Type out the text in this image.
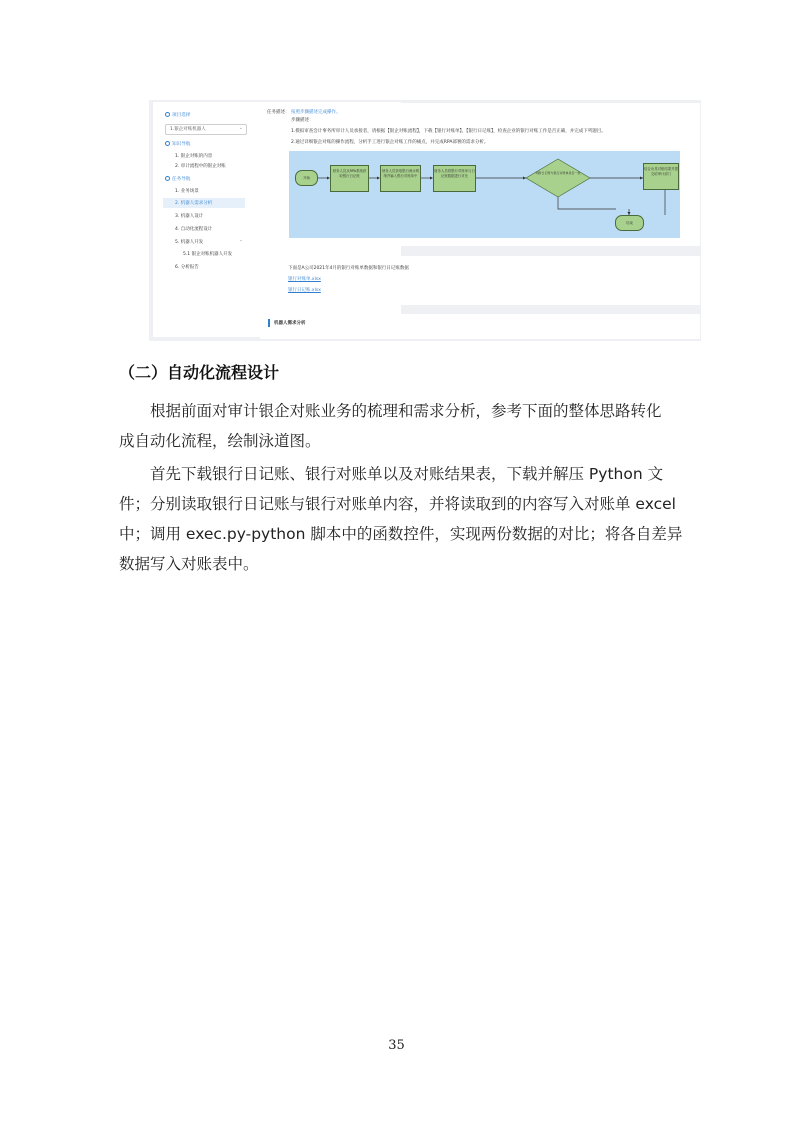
项目选择
1.银企对账机器人	⌄
知识导航
1. 银企对账的内容
2. 审计流程中的银企对账
任务导航
1. 业务场景
2. 机器人需求分析
3. 机器人设计
4. 自动化流程设计
5. 机器人开发	⌄
5.1 银企对账机器人开发
6. 分析报告
任务描述： 按照步骤描述完成操作。
步骤描述：
1.模拟审查会计事务所审计人员承接者，请根据【银企对账流程】，下载【银行对账单】、【银行日记账】，检查企业的银行对账工作是否正确，并完成下列题目。
2.通过详细银企对账的操作流程，分析手工进行银企对账工作的痛点，并完成RPA部署的需求分析。
开始
财务人员从RPA系统获取银行日记账
财务人员获取银行流水明细并输入银行对账单中
财务人员将银行对账单与日记账数据进行对比
判断日记账与银行对账单是否一致
结合出具对账结果并提交给审计部门
结束
下面是A公司2021年4月的银行对账单数据和银行日记账数据
银行对账单.xlsx
银行日记账.xlsx
机器人需求分析
（二）自动化流程设计
根据前面对审计银企对账业务的梳理和需求分析，参考下面的整体思路转化
成自动化流程，绘制泳道图。
首先下载银行日记账、银行对账单以及对账结果表，下载并解压 Python 文
件；分别读取银行日记账与银行对账单内容，并将读取到的内容写入对账单 excel
中；调用 exec.py-python 脚本中的函数控件，实现两份数据的对比；将各自差异
数据写入对账表中。
35
